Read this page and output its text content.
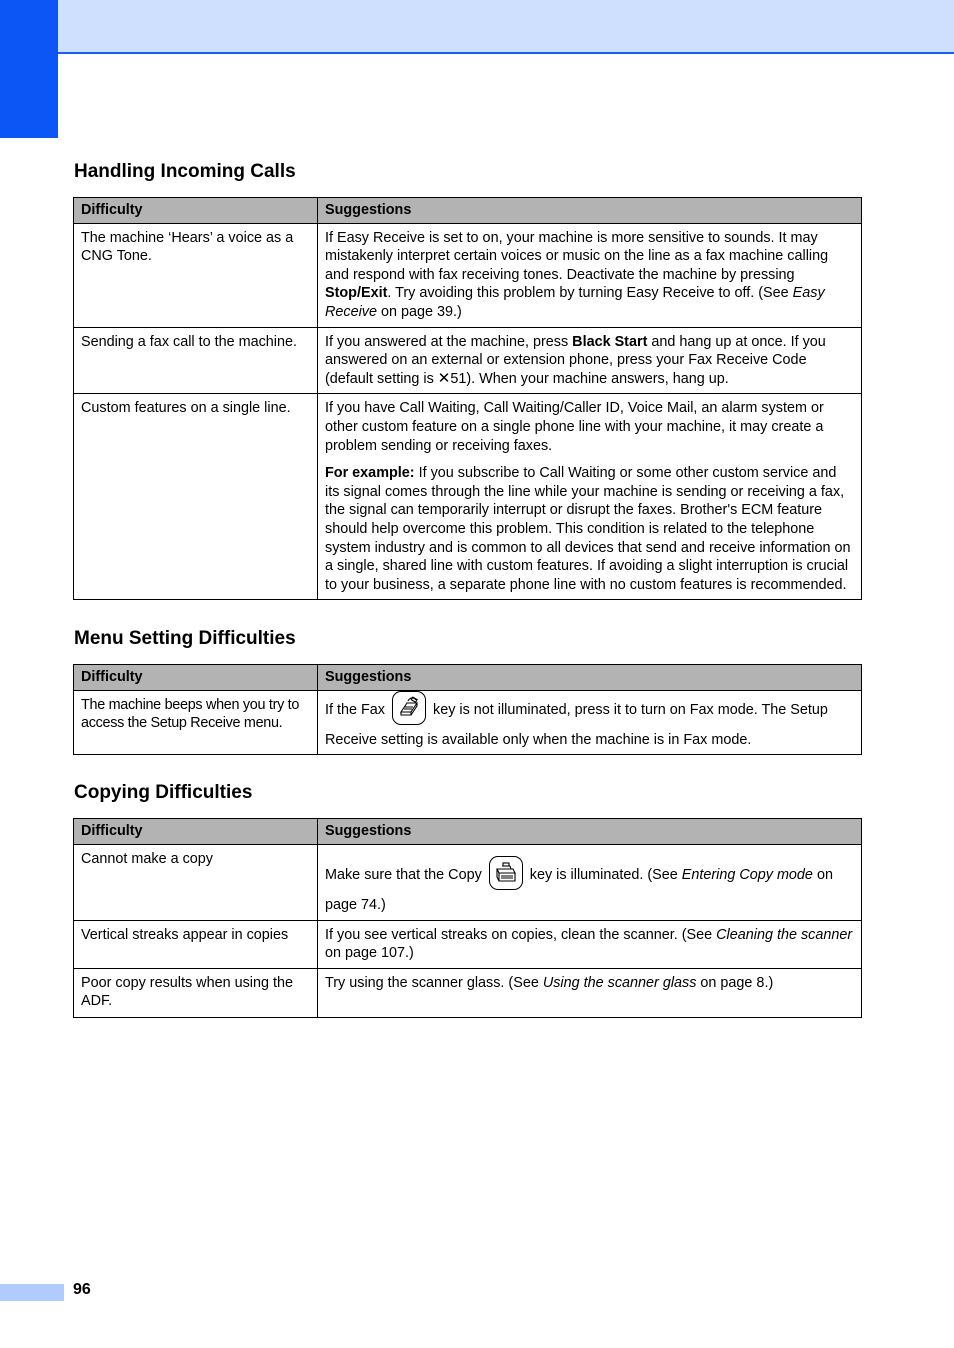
Handling Incoming Calls
Difficulty	Suggestions
The machine ‘Hears’ a voice as a CNG Tone.	If Easy Receive is set to on, your machine is more sensitive to sounds. It may mistakenly interpret certain voices or music on the line as a fax machine calling and respond with fax receiving tones. Deactivate the machine by pressing Stop/Exit. Try avoiding this problem by turning Easy Receive to off. (See Easy Receive on page 39.)
Sending a fax call to the machine.	If you answered at the machine, press Black Start and hang up at once. If you answered on an external or extension phone, press your Fax Receive Code (default setting is ✕51). When your machine answers, hang up.
Custom features on a single line.	If you have Call Waiting, Call Waiting/Caller ID, Voice Mail, an alarm system or other custom feature on a single phone line with your machine, it may create a problem sending or receiving faxes.

For example: If you subscribe to Call Waiting or some other custom service and its signal comes through the line while your machine is sending or receiving a fax, the signal can temporarily interrupt or disrupt the faxes. Brother's ECM feature should help overcome this problem. This condition is related to the telephone system industry and is common to all devices that send and receive information on a single, shared line with custom features. If avoiding a slight interruption is crucial to your business, a separate phone line with no custom features is recommended.

Menu Setting Difficulties
Difficulty	Suggestions
The machine beeps when you try to access the Setup Receive menu.	If the Fax key is not illuminated, press it to turn on Fax mode. The Setup Receive setting is available only when the machine is in Fax mode.
Copying Difficulties
Difficulty	Suggestions
Cannot make a copy	Make sure that the Copy key is illuminated. (See Entering Copy mode on page 74.)
Vertical streaks appear in copies	If you see vertical streaks on copies, clean the scanner. (See Cleaning the scanner on page 107.)
Poor copy results when using the ADF.	Try using the scanner glass. (See Using the scanner glass on page 8.)
96
